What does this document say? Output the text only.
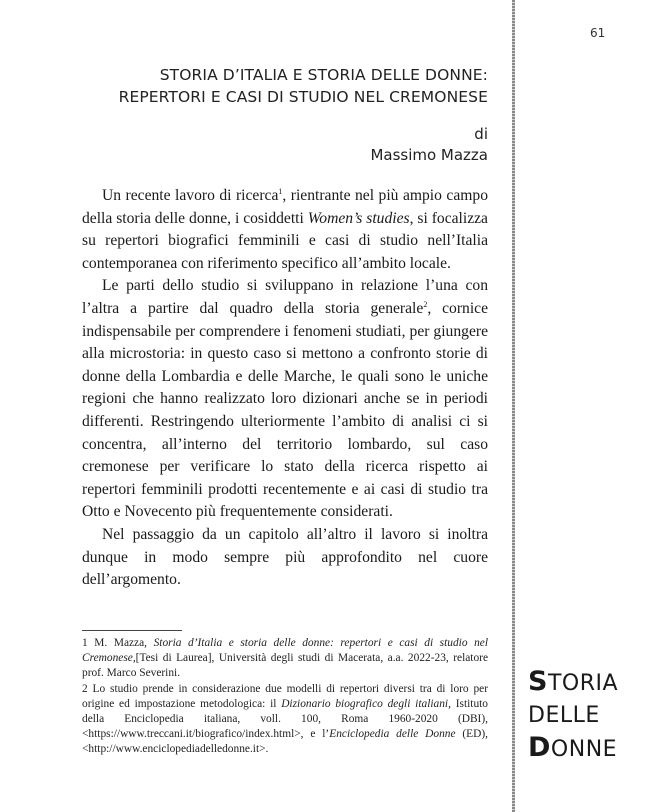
61
STORIA D’ITALIA E STORIA DELLE DONNE:
REPERTORI E CASI DI STUDIO NEL CREMONESE
di
Massimo Mazza

Un recente lavoro di ricerca$^1$, rientrante nel più ampio campo della storia delle donne, i cosiddetti Women’s studies, si focalizza su repertori biografici femminili e casi di studio nell’Italia contemporanea con riferimento specifico all’ambito locale.

Le parti dello studio si sviluppano in relazione l’una con l’altra a partire dal quadro della storia generale$^2$, cornice indispensabile per comprendere i fenomeni studiati, per giungere alla microstoria: in questo caso si mettono a confronto storie di donne della Lombardia e delle Marche, le quali sono le uniche regioni che hanno realizzato loro dizionari anche se in periodi differenti. Restringendo ulteriormente l’ambito di analisi ci si concentra, all’interno del territorio lombardo, sul caso cremonese per verificare lo stato della ricerca rispetto ai repertori femminili prodotti recentemente e ai casi di studio tra Otto e Novecento più frequentemente considerati.

Nel passaggio da un capitolo all’altro il lavoro si inoltra dunque in modo sempre più approfondito nel cuore dell’argomento.

1 M. Mazza, Storia d’Italia e storia delle donne: repertori e casi di studio nel Cremonese,[Tesi di Laurea], Università degli studi di Macerata, a.a. 2022-23, relatore prof. Marco Severini.

2 Lo studio prende in considerazione due modelli di repertori diversi tra di loro per origine ed impostazione metodologica: il Dizionario biografico degli italiani, Istituto della Enciclopedia italiana, voll. 100, Roma 1960-2020 (DBI), <https://www.treccani.it/biografico/index.html>, e l’Enciclopedia delle Donne (ED), <http://www.enciclopediadelledonne.it>.

STORIA
DELLE
DONNE
